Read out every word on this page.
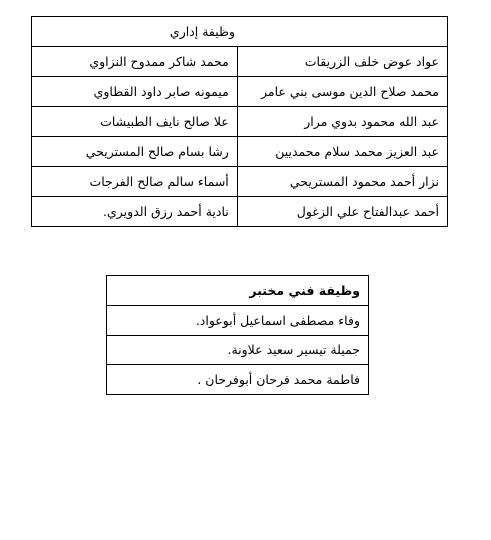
وظيفة إداري	
عواد عوض خلف الزريقات	محمد شاكر ممدوح النزاوي
محمد صلاح الدين موسى بني عامر	ميمونه صابر داود القطاوي
عبد الله محمود بدوي مرار	علا صالح نايف الطبيشات
عبد العزيز محمد سلام محمديين	رشا بسام صالح المستريحي
نزار أحمد محمود المستريحي	أسماء سالم صالح الفرجات
أحمد عبدالفتاح علي الزغول	نادية أحمد رزق الدويري.
وظيفة فني مختبر
وفاء مصطفى اسماعيل أبوعواد.
جميلة تيسير سعيد علاونة.
فاطمة محمد فرحان أبوفرحان .
